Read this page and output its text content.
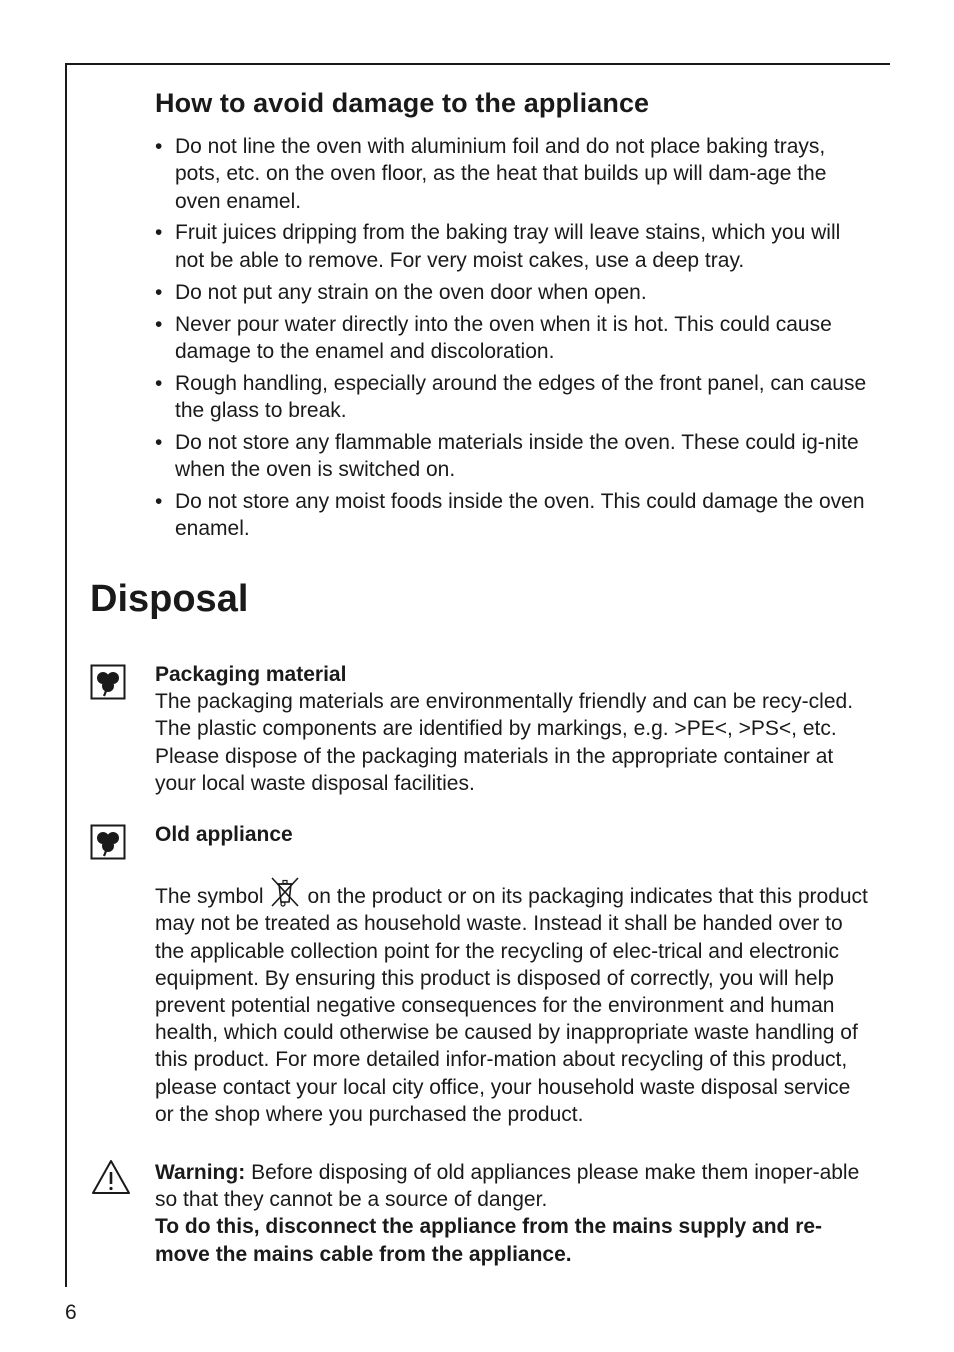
How to avoid damage to the appliance
• Do not line the oven with aluminium foil and do not place baking trays, pots, etc. on the oven floor, as the heat that builds up will dam-age the oven enamel.
• Fruit juices dripping from the baking tray will leave stains, which you will not be able to remove. For very moist cakes, use a deep tray.
• Do not put any strain on the oven door when open.
• Never pour water directly into the oven when it is hot. This could cause damage to the enamel and discoloration.
• Rough handling, especially around the edges of the front panel, can cause the glass to break.
• Do not store any flammable materials inside the oven. These could ig-nite when the oven is switched on.
• Do not store any moist foods inside the oven. This could damage the oven enamel.
Disposal
Packaging material

The packaging materials are environmentally friendly and can be recy-cled. The plastic components are identified by markings, e.g. >PE<, >PS<, etc. Please dispose of the packaging materials in the appropriate container at your local waste disposal facilities.

Old appliance

The symbol on the product or on its packaging indicates that this product may not be treated as household waste. Instead it shall be handed over to the applicable collection point for the recycling of elec-trical and electronic equipment. By ensuring this product is disposed of correctly, you will help prevent potential negative consequences for the environment and human health, which could otherwise be caused by inappropriate waste handling of this product. For more detailed infor-mation about recycling of this product, please contact your local city office, your household waste disposal service or the shop where you purchased the product.

Warning: Before disposing of old appliances please make them inoper-able so that they cannot be a source of danger.

To do this, disconnect the appliance from the mains supply and re-move the mains cable from the appliance.

6
